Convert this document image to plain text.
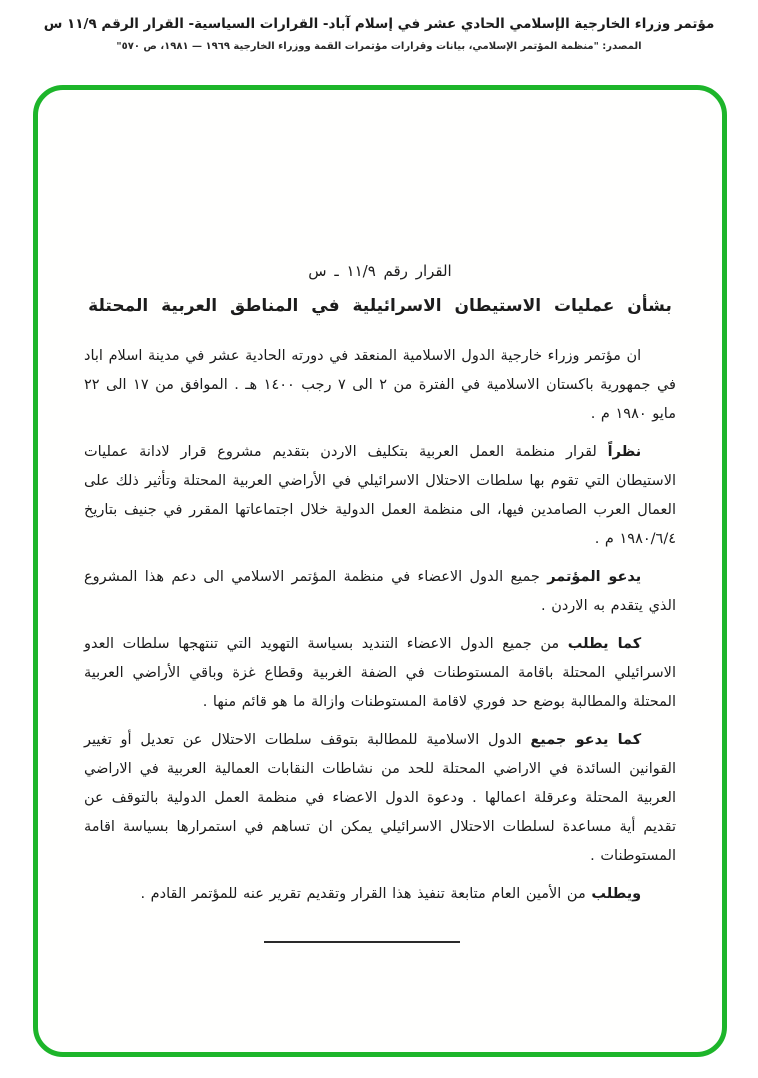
مؤتمر وزراء الخارجية الإسلامي الحادي عشر في إسلام آباد- القرارات السياسية- القرار الرقم ١١/٩ س
المصدر: "منظمة المؤتمر الإسلامي، بيانات وقرارات مؤتمرات القمة ووزراء الخارجية ١٩٦٩ — ١٩٨١، ص ٥٧٠"
القرار رقم ١١/٩ ـ س
بشأن عمليات الاستيطان الاسرائيلية في المناطق العربية المحتلة

ان مؤتمر وزراء خارجية الدول الاسلامية المنعقد في دورته الحادية عشر في مدينة اسلام اباد في جمهورية باكستان الاسلامية في الفترة من ٢ الى ٧ رجب ١٤٠٠ هـ . الموافق من ١٧ الى ٢٢ مايو ١٩٨٠ م .

نظراً لقرار منظمة العمل العربية بتكليف الاردن بتقديم مشروع قرار لادانة عمليات الاستيطان التي تقوم بها سلطات الاحتلال الاسرائيلي في الأراضي العربية المحتلة وتأثير ذلك على العمال العرب الصامدين فيها، الى منظمة العمل الدولية خلال اجتماعاتها المقرر في جنيف بتاريخ ١٩٨٠/٦/٤ م .

يدعو المؤتمر جميع الدول الاعضاء في منظمة المؤتمر الاسلامي الى دعم هذا المشروع الذي يتقدم به الاردن .

كما يطلب من جميع الدول الاعضاء التنديد بسياسة التهويد التي تنتهجها سلطات العدو الاسرائيلي المحتلة باقامة المستوطنات في الضفة الغربية وقطاع غزة وباقي الأراضي العربية المحتلة والمطالبة بوضع حد فوري لاقامة المستوطنات وازالة ما هو قائم منها .

كما يدعو جميع الدول الاسلامية للمطالبة بتوقف سلطات الاحتلال عن تعديل أو تغيير القوانين السائدة في الاراضي المحتلة للحد من نشاطات النقابات العمالية العربية في الاراضي العربية المحتلة وعرقلة اعمالها . ودعوة الدول الاعضاء في منظمة العمل الدولية بالتوقف عن تقديم أية مساعدة لسلطات الاحتلال الاسرائيلي يمكن ان تساهم في استمرارها بسياسة اقامة المستوطنات .

ويطلب من الأمين العام متابعة تنفيذ هذا القرار وتقديم تقرير عنه للمؤتمر القادم .
